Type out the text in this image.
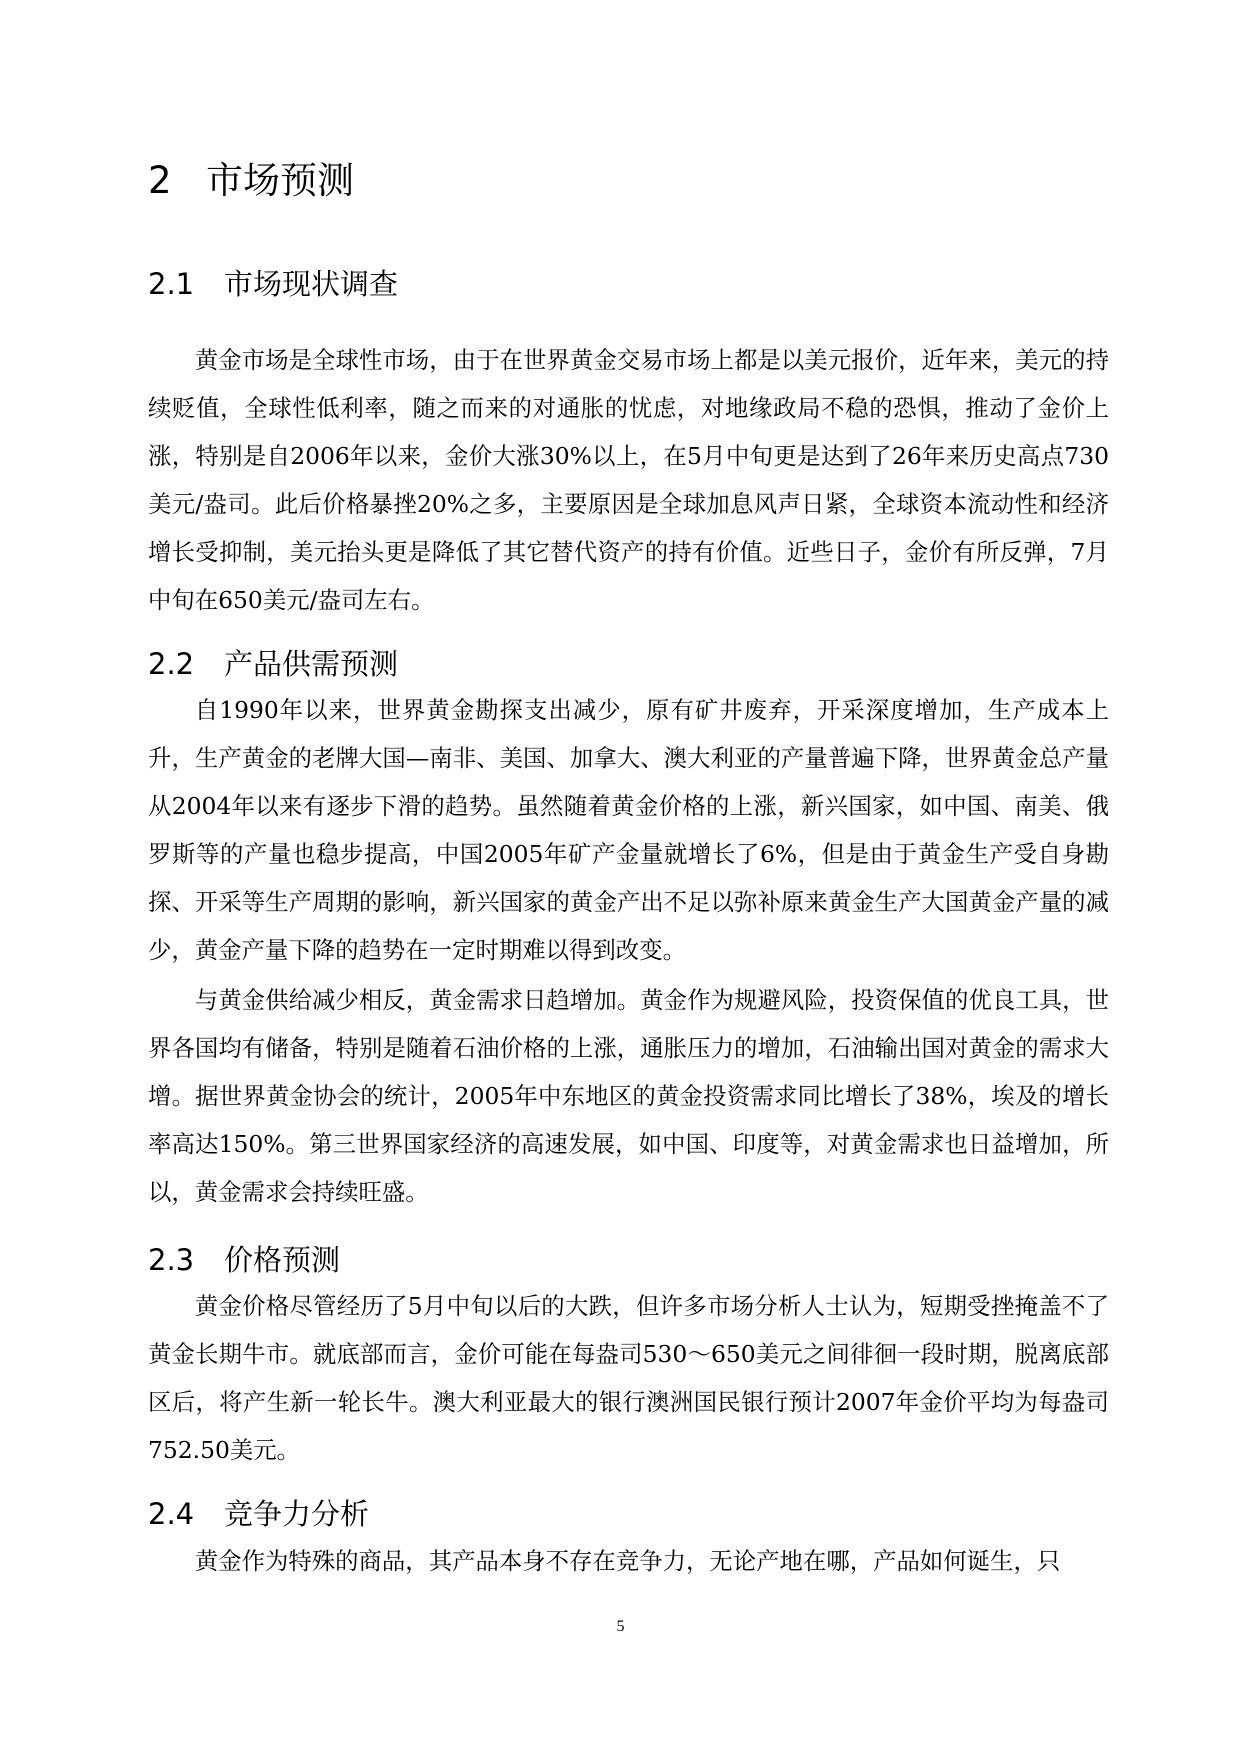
2 市场预测
2.1 市场现状调查

黄金市场是全球性市场，由于在世界黄金交易市场上都是以美元报价，近年来，美元的持续贬值，全球性低利率，随之而来的对通胀的忧虑，对地缘政局不稳的恐惧，推动了金价上涨，特别是自2006年以来，金价大涨30%以上，在5月中旬更是达到了26年来历史高点730美元/盎司。此后价格暴挫20%之多，主要原因是全球加息风声日紧，全球资本流动性和经济增长受抑制，美元抬头更是降低了其它替代资产的持有价值。近些日子，金价有所反弹，7月中旬在650美元/盎司左右。

2.2 产品供需预测

自1990年以来，世界黄金勘探支出减少，原有矿井废弃，开采深度增加，生产成本上升，生产黄金的老牌大国—南非、美国、加拿大、澳大利亚的产量普遍下降，世界黄金总产量从2004年以来有逐步下滑的趋势。虽然随着黄金价格的上涨，新兴国家，如中国、南美、俄罗斯等的产量也稳步提高，中国2005年矿产金量就增长了6%，但是由于黄金生产受自身勘探、开采等生产周期的影响，新兴国家的黄金产出不足以弥补原来黄金生产大国黄金产量的减少，黄金产量下降的趋势在一定时期难以得到改变。

与黄金供给减少相反，黄金需求日趋增加。黄金作为规避风险，投资保值的优良工具，世界各国均有储备，特别是随着石油价格的上涨，通胀压力的增加，石油输出国对黄金的需求大增。据世界黄金协会的统计，2005年中东地区的黄金投资需求同比增长了38%，埃及的增长率高达150%。第三世界国家经济的高速发展，如中国、印度等，对黄金需求也日益增加，所以，黄金需求会持续旺盛。

2.3 价格预测

黄金价格尽管经历了5月中旬以后的大跌，但许多市场分析人士认为，短期受挫掩盖不了黄金长期牛市。就底部而言，金价可能在每盎司530～650美元之间徘徊一段时期，脱离底部区后，将产生新一轮长牛。澳大利亚最大的银行澳洲国民银行预计2007年金价平均为每盎司752.50美元。

2.4 竞争力分析

黄金作为特殊的商品，其产品本身不存在竞争力，无论产地在哪，产品如何诞生，只

5
